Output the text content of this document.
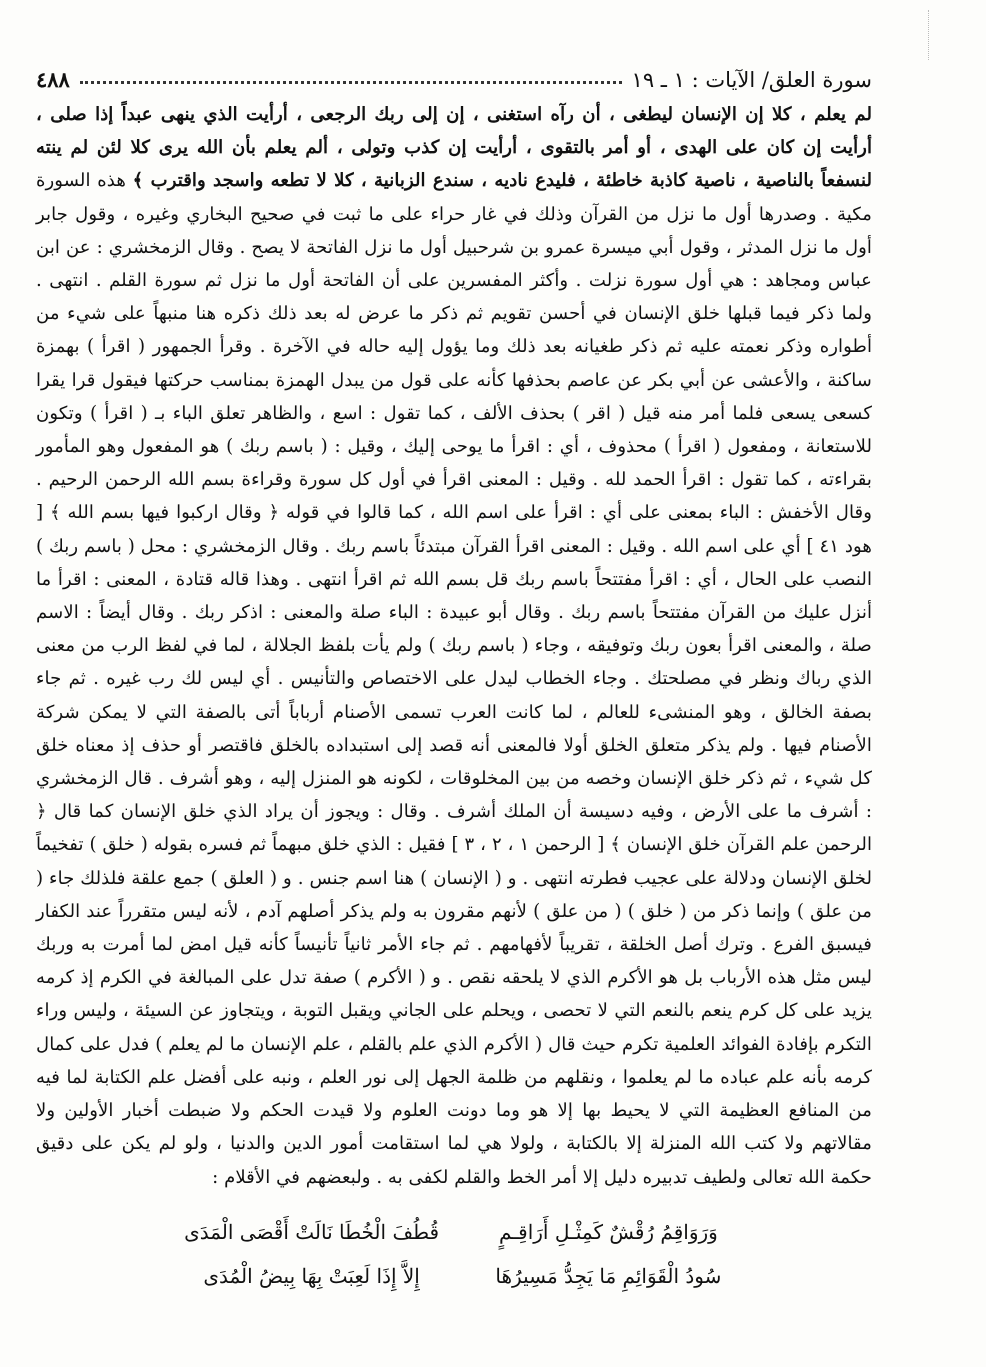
سورة العلق/ الآيات : ١ ـ ١٩
٤٨٨

لم يعلم ، كلا إن الإنسان ليطغى ، أن رآه استغنى ، إن إلى ربك الرجعى ، أرأيت الذي ينهى عبداً إذا صلى ، أرأيت إن كان على الهدى ، أو أمر بالتقوى ، أرأيت إن كذب وتولى ، ألم يعلم بأن الله يرى كلا لئن لم ينته لنسفعاً بالناصية ، ناصية كاذبة خاطئة ، فليدع ناديه ، سندع الزبانية ، كلا لا تطعه واسجد واقترب ﴾ هذه السورة مكية . وصدرها أول ما نزل من القرآن وذلك في غار حراء على ما ثبت في صحيح البخاري وغيره ، وقول جابر أول ما نزل المدثر ، وقول أبي ميسرة عمرو بن شرحبيل أول ما نزل الفاتحة لا يصح . وقال الزمخشري : عن ابن عباس ومجاهد : هي أول سورة نزلت . وأكثر المفسرين على أن الفاتحة أول ما نزل ثم سورة القلم . انتهى . ولما ذكر فيما قبلها خلق الإنسان في أحسن تقويم ثم ذكر ما عرض له بعد ذلك ذكره هنا منبهاً على شيء من أطواره وذكر نعمته عليه ثم ذكر طغيانه بعد ذلك وما يؤول إليه حاله في الآخرة . وقرأ الجمهور ( اقرأ ) بهمزة ساكنة ، والأعشى عن أبي بكر عن عاصم بحذفها كأنه على قول من يبدل الهمزة بمناسب حركتها فيقول قرا يقرا كسعى يسعى فلما أمر منه قيل ( اقر ) بحذف الألف ، كما تقول : اسع ، والظاهر تعلق الباء بـ ( اقرأ ) وتكون للاستعانة ، ومفعول ( اقرأ ) محذوف ، أي : اقرأ ما يوحى إليك ، وقيل : ( باسم ربك ) هو المفعول وهو المأمور بقراءته ، كما تقول : اقرأ الحمد لله . وقيل : المعنى اقرأ في أول كل سورة وقراءة بسم الله الرحمن الرحيم . وقال الأخفش : الباء بمعنى على أي : اقرأ على اسم الله ، كما قالوا في قوله ﴿ وقال اركبوا فيها بسم الله ﴾ [ هود ٤١ ] أي على اسم الله . وقيل : المعنى اقرأ القرآن مبتدئاً باسم ربك . وقال الزمخشري : محل ( باسم ربك ) النصب على الحال ، أي : اقرأ مفتتحاً باسم ربك قل بسم الله ثم اقرأ انتهى . وهذا قاله قتادة ، المعنى : اقرأ ما أنزل عليك من القرآن مفتتحاً باسم ربك . وقال أبو عبيدة : الباء صلة والمعنى : اذكر ربك . وقال أيضاً : الاسم صلة ، والمعنى اقرأ بعون ربك وتوفيقه ، وجاء ( باسم ربك ) ولم يأت بلفظ الجلالة ، لما في لفظ الرب من معنى الذي رباك ونظر في مصلحتك . وجاء الخطاب ليدل على الاختصاص والتأنيس . أي ليس لك رب غيره . ثم جاء بصفة الخالق ، وهو المنشىء للعالم ، لما كانت العرب تسمى الأصنام أرباباً أتى بالصفة التي لا يمكن شركة الأصنام فيها . ولم يذكر متعلق الخلق أولا فالمعنى أنه قصد إلى استبداده بالخلق فاقتصر أو حذف إذ معناه خلق كل شيء ، ثم ذكر خلق الإنسان وخصه من بين المخلوقات ، لكونه هو المنزل إليه ، وهو أشرف . قال الزمخشري : أشرف ما على الأرض ، وفيه دسيسة أن الملك أشرف . وقال : ويجوز أن يراد الذي خلق الإنسان كما قال ﴿ الرحمن علم القرآن خلق الإنسان ﴾ [ الرحمن ١ ، ٢ ، ٣ ] فقيل : الذي خلق مبهماً ثم فسره بقوله ( خلق ) تفخيماً لخلق الإنسان ودلالة على عجيب فطرته انتهى . و ( الإنسان ) هنا اسم جنس . و ( العلق ) جمع علقة فلذلك جاء ( من علق ) وإنما ذكر من ( خلق ) ( من علق ) لأنهم مقرون به ولم يذكر أصلهم آدم ، لأنه ليس متقرراً عند الكفار فيسبق الفرع . وترك أصل الخلقة ، تقريباً لأفهامهم . ثم جاء الأمر ثانياً تأنيساً كأنه قيل امض لما أمرت به وربك ليس مثل هذه الأرباب بل هو الأكرم الذي لا يلحقه نقص . و ( الأكرم ) صفة تدل على المبالغة في الكرم إذ كرمه يزيد على كل كرم ينعم بالنعم التي لا تحصى ، ويحلم على الجاني ويقبل التوبة ، ويتجاوز عن السيئة ، وليس وراء التكرم بإفادة الفوائد العلمية تكرم حيث قال ( الأكرم الذي علم بالقلم ، علم الإنسان ما لم يعلم ) فدل على كمال كرمه بأنه علم عباده ما لم يعلموا ، ونقلهم من ظلمة الجهل إلى نور العلم ، ونبه على أفضل علم الكتابة لما فيه من المنافع العظيمة التي لا يحيط بها إلا هو وما دونت العلوم ولا قيدت الحكم ولا ضبطت أخبار الأولين ولا مقالاتهم ولا كتب الله المنزلة إلا بالكتابة ، ولولا هي لما استقامت أمور الدين والدنيا ، ولو لم يكن على دقيق حكمة الله تعالى ولطيف تدبيره دليل إلا أمر الخط والقلم لكفى به . ولبعضهم في الأقلام :

وَرَوَاقِمُ رُقْشٌ كَمِثْـلِ أَرَاقِـمٍ
قُطُفَ الْخُطَا نَالَتْ أَقْصَى الْمَدَى
سُودُ الْقَوَائِمِ مَا يَجِدُّ مَسِيرُهَا
إِلاَّ إِذَا لَعِبَتْ بِهَا بِيضُ الْمُدَى
